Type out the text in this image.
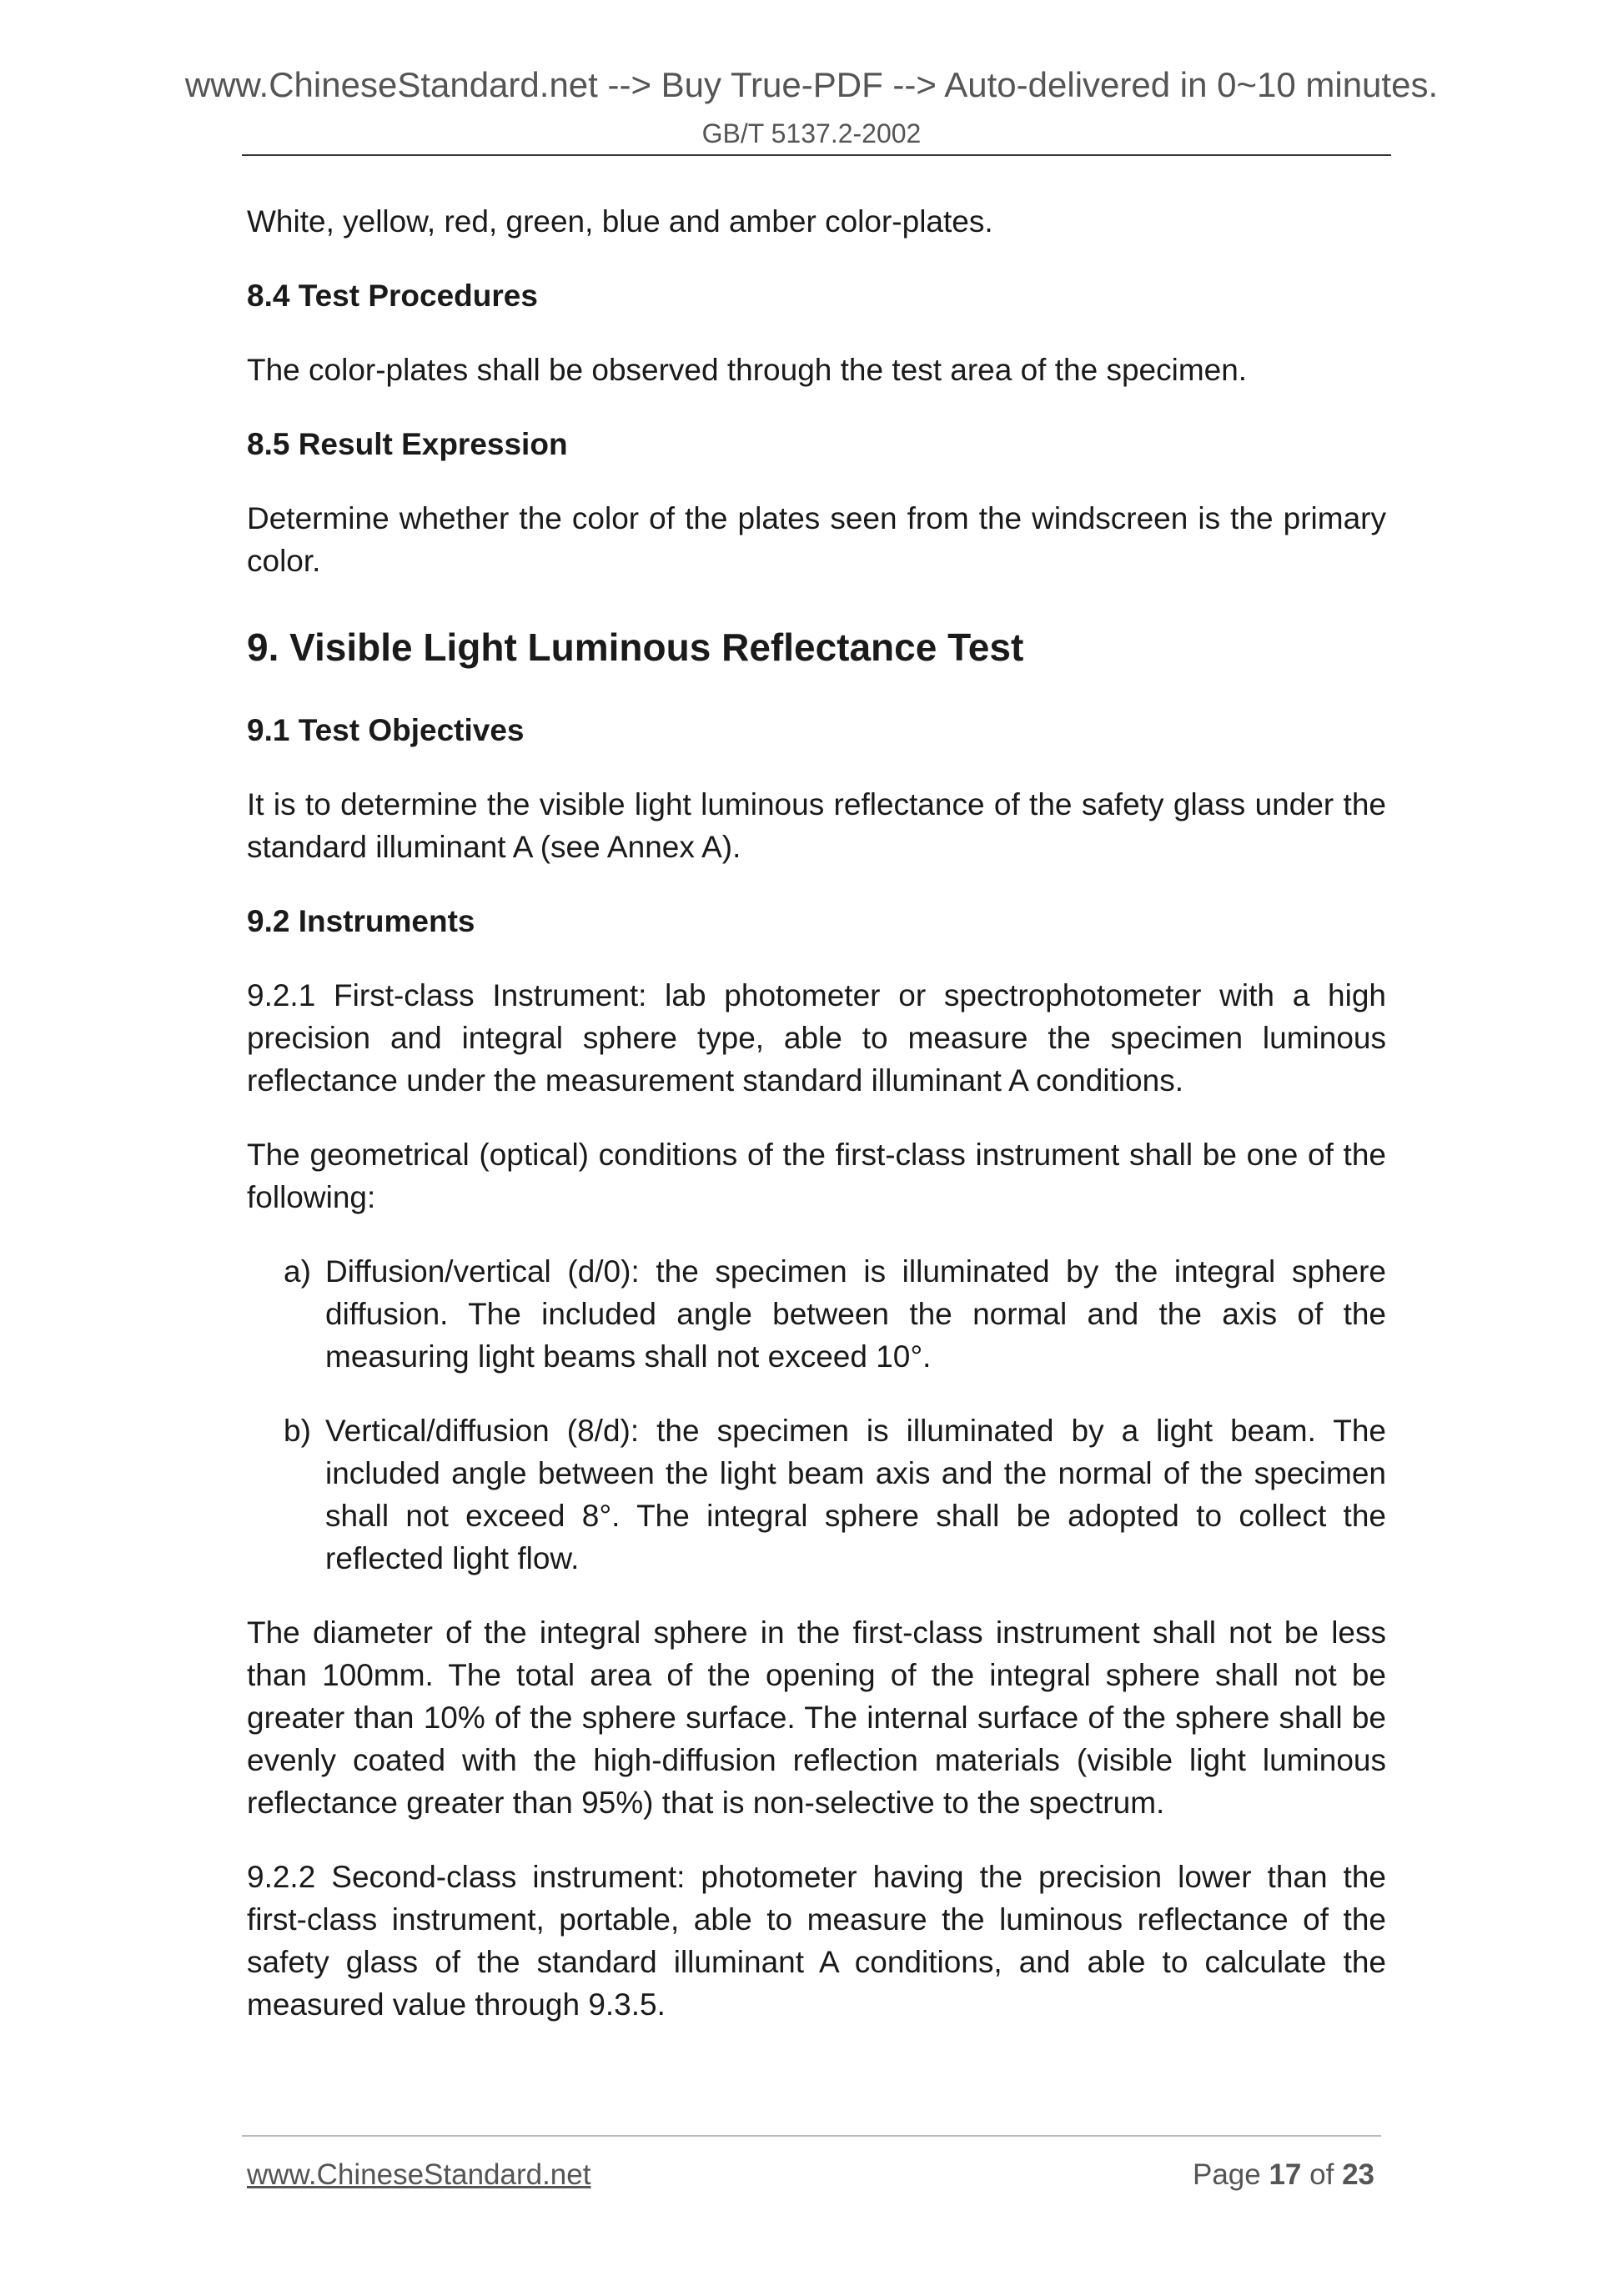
www.ChineseStandard.net --> Buy True-PDF --> Auto-delivered in 0~10 minutes.
GB/T 5137.2-2002

White, yellow, red, green, blue and amber color-plates.

8.4 Test Procedures

The color-plates shall be observed through the test area of the specimen.

8.5 Result Expression

Determine whether the color of the plates seen from the windscreen is the primary color.

9. Visible Light Luminous Reflectance Test
9.1 Test Objectives

It is to determine the visible light luminous reflectance of the safety glass under the standard illuminant A (see Annex A).

9.2 Instruments

9.2.1 First-class Instrument: lab photometer or spectrophotometer with a high precision and integral sphere type, able to measure the specimen luminous reflectance under the measurement standard illuminant A conditions.

The geometrical (optical) conditions of the first-class instrument shall be one of the following:

a) Diffusion/vertical (d/0): the specimen is illuminated by the integral sphere diffusion. The included angle between the normal and the axis of the measuring light beams shall not exceed 10°.
b) Vertical/diffusion (8/d): the specimen is illuminated by a light beam. The included angle between the light beam axis and the normal of the specimen shall not exceed 8°. The integral sphere shall be adopted to collect the reflected light flow.

The diameter of the integral sphere in the first-class instrument shall not be less than 100mm. The total area of the opening of the integral sphere shall not be greater than 10% of the sphere surface. The internal surface of the sphere shall be evenly coated with the high-diffusion reflection materials (visible light luminous reflectance greater than 95%) that is non-selective to the spectrum.

9.2.2 Second-class instrument: photometer having the precision lower than the first-class instrument, portable, able to measure the luminous reflectance of the safety glass of the standard illuminant A conditions, and able to calculate the measured value through 9.3.5.

www.ChineseStandard.net	Page 17 of 23
